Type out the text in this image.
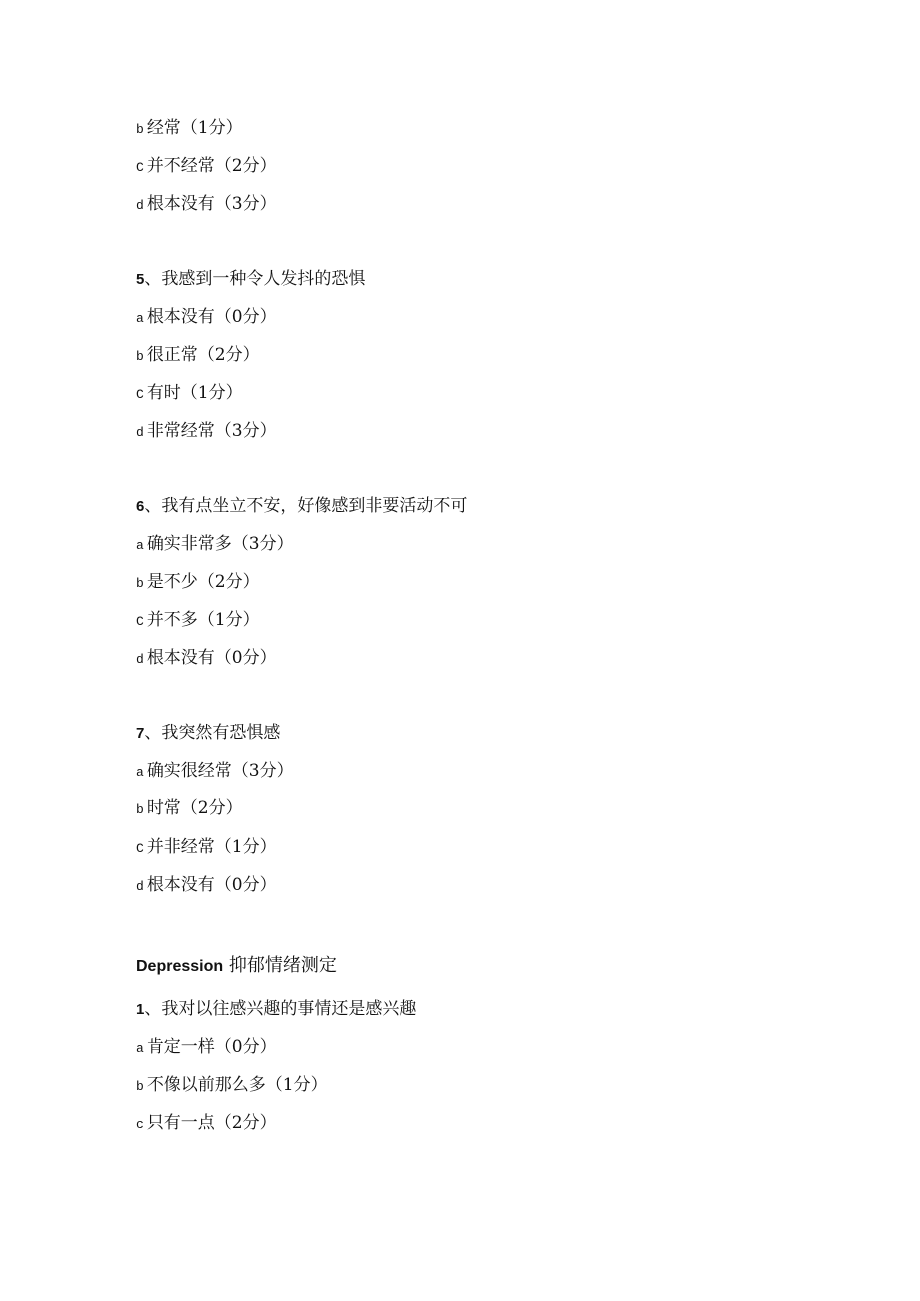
b 经常（1分）
C 并不经常（2分）
d 根本没有（3分）
5、我感到一种令人发抖的恐惧
a 根本没有（0分）
b 很正常（2分）
C 有时（1分）
d 非常经常（3分）
6、我有点坐立不安，好像感到非要活动不可
a 确实非常多（3分）
b 是不少（2分）
C 并不多（1分）
d 根本没有（0分）
7、我突然有恐惧感
a 确实很经常（3分）
b 时常（2分）
C 并非经常（1分）
d 根本没有（0分）
Depression 抑郁情绪测定
1、我对以往感兴趣的事情还是感兴趣
a 肯定一样（0分）
b 不像以前那么多（1分）
c 只有一点（2分）
